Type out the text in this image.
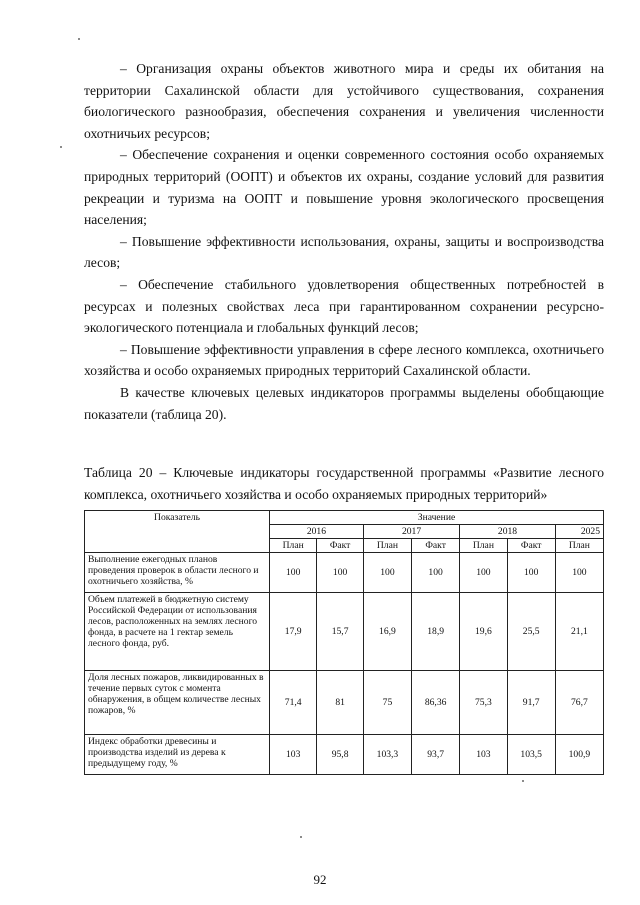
– Организация охраны объектов животного мира и среды их обитания на территории Сахалинской области для устойчивого существования, сохранения биологического разнообразия, обеспечения сохранения и увеличения численности охотничьих ресурсов;

– Обеспечение сохранения и оценки современного состояния особо охраняемых природных территорий (ООПТ) и объектов их охраны, создание условий для развития рекреации и туризма на ООПТ и повышение уровня экологического просвещения населения;

– Повышение эффективности использования, охраны, защиты и воспроизводства лесов;

– Обеспечение стабильного удовлетворения общественных потребностей в ресурсах и полезных свойствах леса при гарантированном сохранении ресурсно-экологического потенциала и глобальных функций лесов;

– Повышение эффективности управления в сфере лесного комплекса, охотничьего хозяйства и особо охраняемых природных территорий Сахалинской области.

В качестве ключевых целевых индикаторов программы выделены обобщающие показатели (таблица 20).

Таблица 20 – Ключевые индикаторы государственной программы «Развитие лесного комплекса, охотничьего хозяйства и особо охраняемых природных территорий»
Показатель	Значение						
	2016		2017		2018		2025
	План	Факт	План	Факт	План	Факт	План
Выполнение ежегодных планов проведения проверок в области лесного и охотничьего хозяйства, %	100	100	100	100	100	100	100
Объем платежей в бюджетную систему Российской Федерации от использования лесов, расположенных на землях лесного фонда, в расчете на 1 гектар земель лесного фонда, руб.	17,9	15,7	16,9	18,9	19,6	25,5	21,1
Доля лесных пожаров, ликвидированных в течение первых суток с момента обнаружения, в общем количестве лесных пожаров, %	71,4	81	75	86,36	75,3	91,7	76,7
Индекс обработки древесины и производства изделий из дерева к предыдущему году, %	103	95,8	103,3	93,7	103	103,5	100,9
92
